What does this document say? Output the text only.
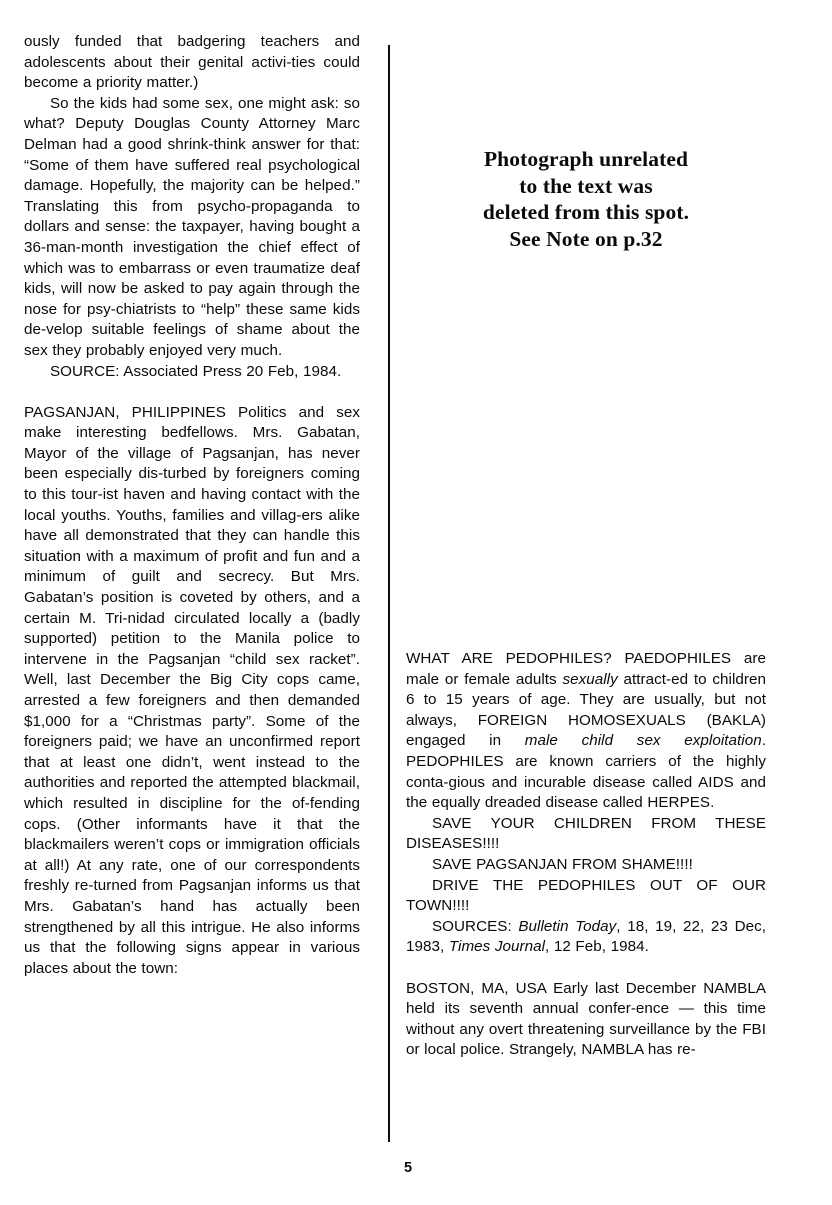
ously funded that badgering teachers and adolescents about their genital activi-ties could become a priority matter.)

So the kids had some sex, one might ask: so what? Deputy Douglas County Attorney Marc Delman had a good shrink-think answer for that: “Some of them have suffered real psychological damage. Hopefully, the majority can be helped.” Translating this from psycho-propaganda to dollars and sense: the taxpayer, having bought a 36-man-month investigation the chief effect of which was to embarrass or even traumatize deaf kids, will now be asked to pay again through the nose for psy-chiatrists to “help” these same kids de-velop suitable feelings of shame about the sex they probably enjoyed very much.

SOURCE: Associated Press 20 Feb, 1984.

PAGSANJAN, PHILIPPINES Politics and sex make interesting bedfellows. Mrs. Gabatan, Mayor of the village of Pagsanjan, has never been especially dis-turbed by foreigners coming to this tour-ist haven and having contact with the local youths. Youths, families and villag-ers alike have all demonstrated that they can handle this situation with a maximum of profit and fun and a minimum of guilt and secrecy. But Mrs. Gabatan’s position is coveted by others, and a certain M. Tri-nidad circulated locally a (badly supported) petition to the Manila police to intervene in the Pagsanjan “child sex racket”. Well, last December the Big City cops came, arrested a few foreigners and then demanded $1,000 for a “Christmas party”. Some of the foreigners paid; we have an unconfirmed report that at least one didn’t, went instead to the authorities and reported the attempted blackmail, which resulted in discipline for the of-fending cops. (Other informants have it that the blackmailers weren’t cops or immigration officials at all!) At any rate, one of our correspondents freshly re-turned from Pagsanjan informs us that Mrs. Gabatan’s hand has actually been strengthened by all this intrigue. He also informs us that the following signs appear in various places about the town:

Photograph unrelated
to the text was
deleted from this spot.
See Note on p.32

WHAT ARE PEDOPHILES? PAEDOPHILES are male or female adults sexually attract-ed to children 6 to 15 years of age. They are usually, but not always, FOREIGN HOMOSEXUALS (BAKLA) engaged in male child sex exploitation. PEDOPHILES are known carriers of the highly conta-gious and incurable disease called AIDS and the equally dreaded disease called HERPES.

SAVE YOUR CHILDREN FROM THESE DISEASES!!!!

SAVE PAGSANJAN FROM SHAME!!!!

DRIVE THE PEDOPHILES OUT OF OUR TOWN!!!!

SOURCES: Bulletin Today, 18, 19, 22, 23 Dec, 1983, Times Journal, 12 Feb, 1984.

BOSTON, MA, USA Early last December NAMBLA held its seventh annual confer-ence — this time without any overt threatening surveillance by the FBI or local police. Strangely, NAMBLA has re-

5
